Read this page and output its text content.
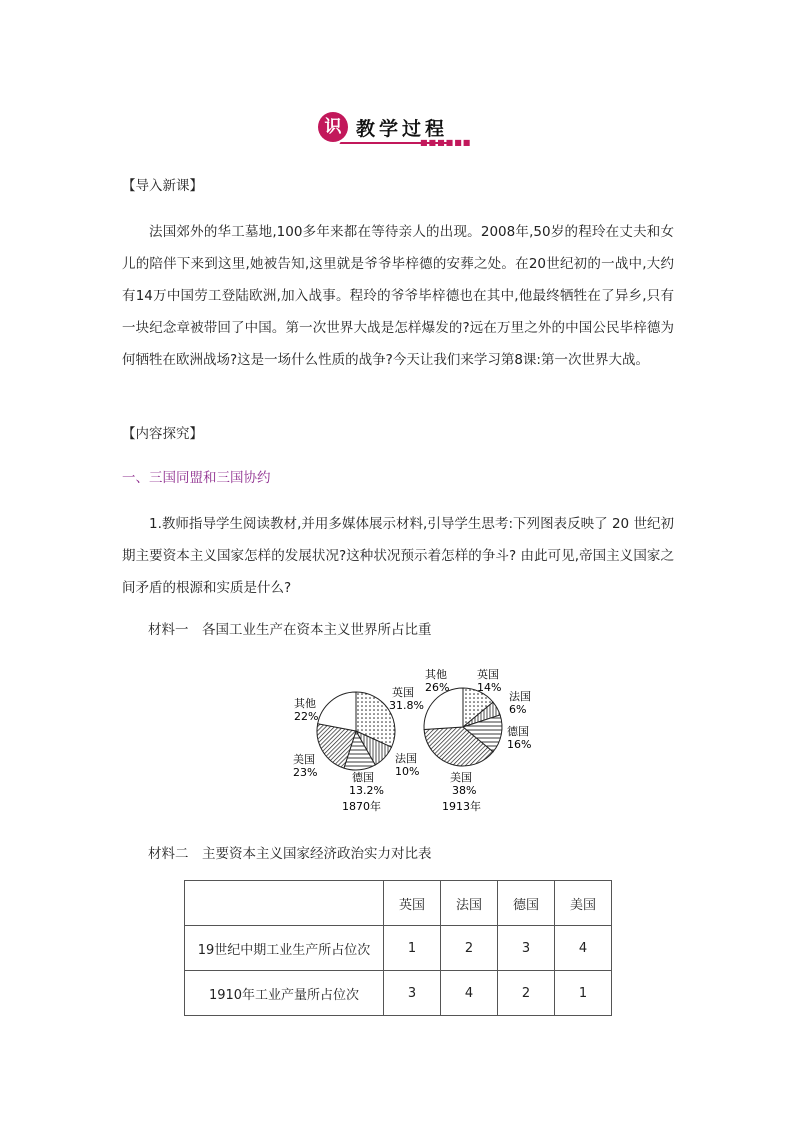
识 教学过程
■■■■■■
【导入新课】
法国郊外的华工墓地,100多年来都在等待亲人的出现。2008年,50岁的程玲在丈夫和女儿的陪伴下来到这里,她被告知,这里就是爷爷毕梓德的安葬之处。在20世纪初的一战中,大约有14万中国劳工登陆欧洲,加入战事。程玲的爷爷毕梓德也在其中,他最终牺牲在了异乡,只有一块纪念章被带回了中国。第一次世界大战是怎样爆发的?远在万里之外的中国公民毕梓德为何牺牲在欧洲战场?这是一场什么性质的战争?今天让我们来学习第8课:第一次世界大战。
【内容探究】
一、三国同盟和三国协约
1.教师指导学生阅读教材,并用多媒体展示材料,引导学生思考:下列图表反映了 20 世纪初期主要资本主义国家怎样的发展状况?这种状况预示着怎样的争斗? 由此可见,帝国主义国家之间矛盾的根源和实质是什么?
材料一　各国工业生产在资本主义世界所占比重
英国
31.8%
法国
10%
德国
13.2%
美国
23%
其他
22%
1870年
英国
14%
法国
6%
德国
16%
美国
38%
其他
26%
1913年
材料二　主要资本主义国家经济政治实力对比表
	英国	法国	德国	美国
19世纪中期工业生产所占位次	1	2	3	4
1910年工业产量所占位次	3	4	2	1
